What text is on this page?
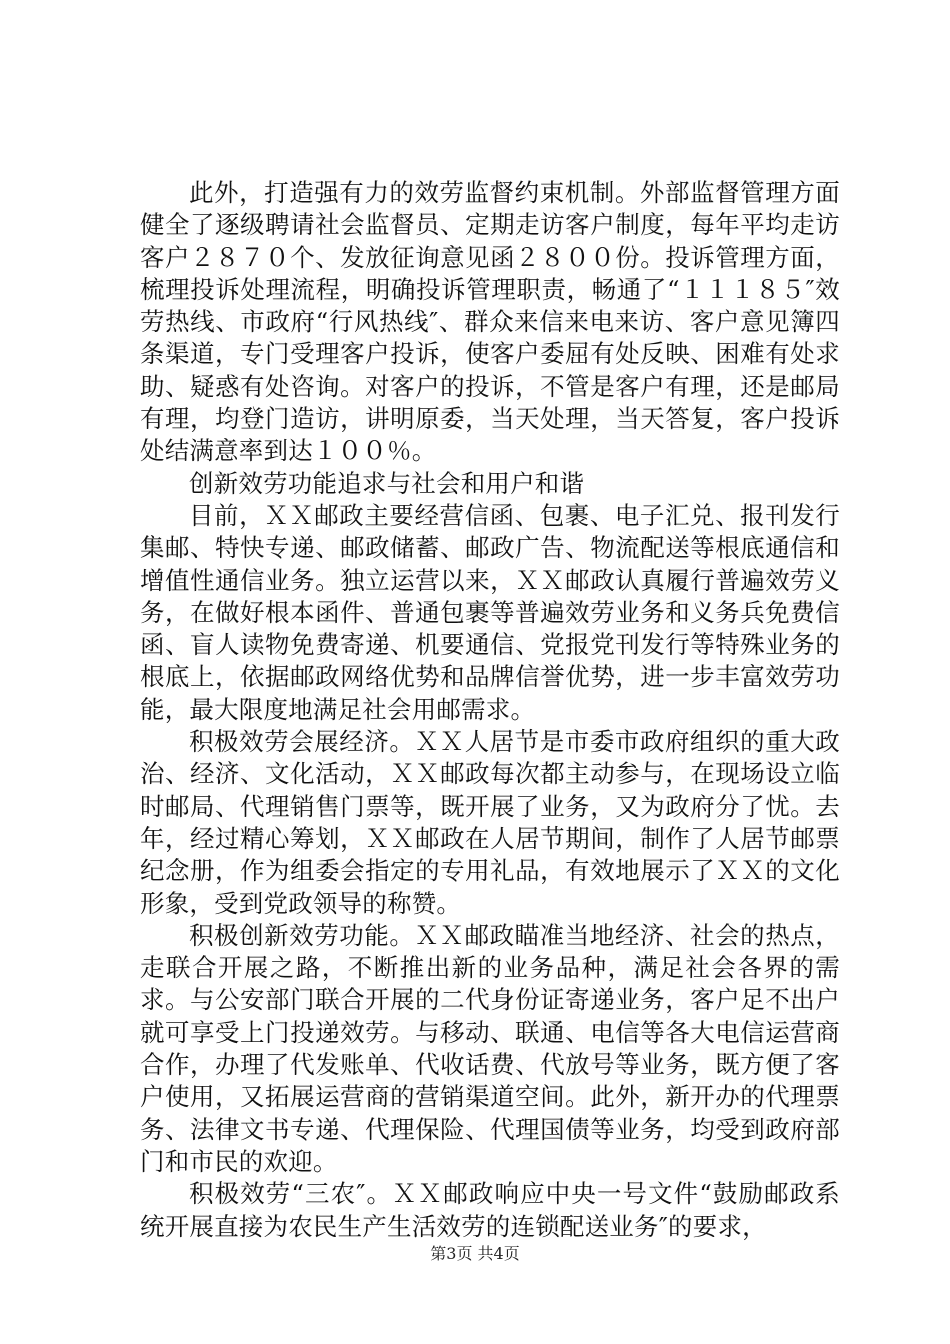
此外，打造强有力的效劳监督约束机制。外部监督管理方面健全了逐级聘请社会监督员、定期走访客户制度，每年平均走访客户２８７０个、发放征询意见函２８００份。投诉管理方面，梳理投诉处理流程，明确投诉管理职责，畅通了“１１１８５″效劳热线、市政府“行风热线″、群众来信来电来访、客户意见簿四条渠道，专门受理客户投诉，使客户委屈有处反映、困难有处求助、疑惑有处咨询。对客户的投诉，不管是客户有理，还是邮局有理，均登门造访，讲明原委，当天处理，当天答复，客户投诉处结满意率到达１００％。

创新效劳功能追求与社会和用户和谐

目前，ＸＸ邮政主要经营信函、包裹、电子汇兑、报刊发行集邮、特快专递、邮政储蓄、邮政广告、物流配送等根底通信和增值性通信业务。独立运营以来，ＸＸ邮政认真履行普遍效劳义务，在做好根本函件、普通包裹等普遍效劳业务和义务兵免费信函、盲人读物免费寄递、机要通信、党报党刊发行等特殊业务的根底上，依据邮政网络优势和品牌信誉优势，进一步丰富效劳功能，最大限度地满足社会用邮需求。

积极效劳会展经济。ＸＸ人居节是市委市政府组织的重大政治、经济、文化活动，ＸＸ邮政每次都主动参与，在现场设立临时邮局、代理销售门票等，既开展了业务，又为政府分了忧。去年，经过精心筹划，ＸＸ邮政在人居节期间，制作了人居节邮票纪念册，作为组委会指定的专用礼品，有效地展示了ＸＸ的文化形象，受到党政领导的称赞。

积极创新效劳功能。ＸＸ邮政瞄准当地经济、社会的热点，走联合开展之路，不断推出新的业务品种，满足社会各界的需求。与公安部门联合开展的二代身份证寄递业务，客户足不出户就可享受上门投递效劳。与移动、联通、电信等各大电信运营商合作，办理了代发账单、代收话费、代放号等业务，既方便了客户使用，又拓展运营商的营销渠道空间。此外，新开办的代理票务、法律文书专递、代理保险、代理国债等业务，均受到政府部门和市民的欢迎。

积极效劳“三农″。ＸＸ邮政响应中央一号文件“鼓励邮政系统开展直接为农民生产生活效劳的连锁配送业务″的要求，

第3页 共4页
